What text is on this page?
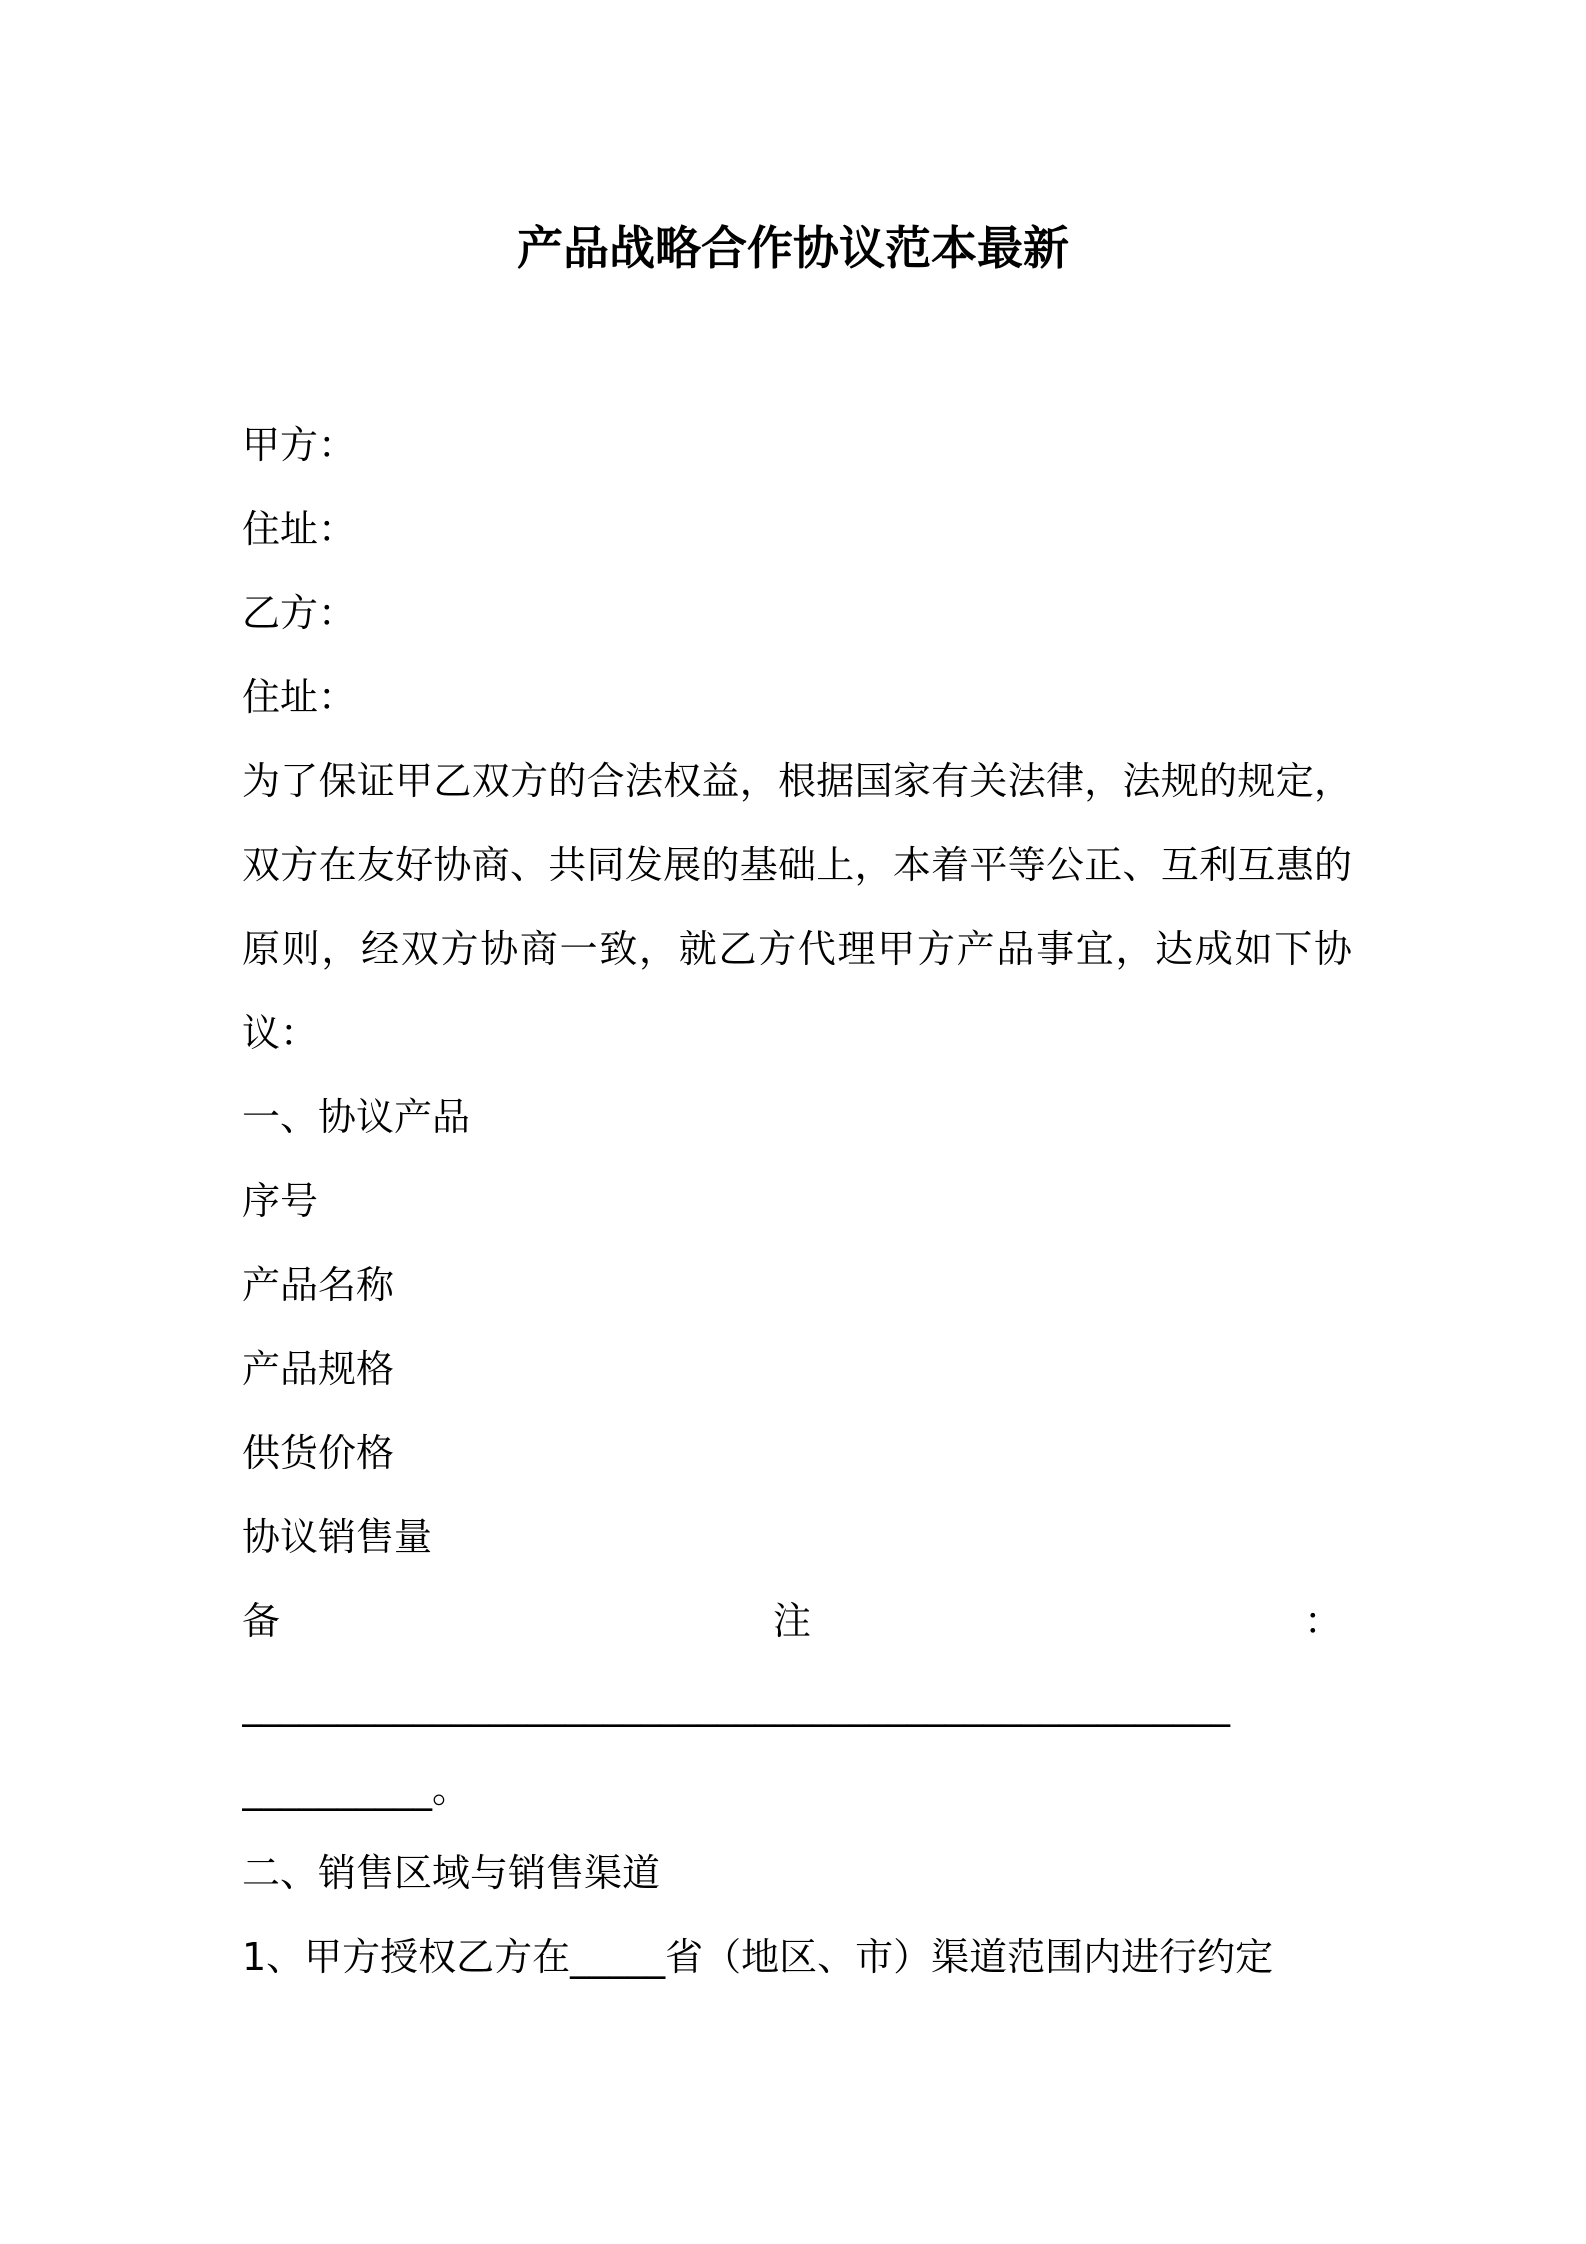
产品战略合作协议范本最新
甲方：
住址：
乙方：
住址：
为了保证甲乙双方的合法权益，根据国家有关法律，法规的规定，双方在友好协商、共同发展的基础上，本着平等公正、互利互惠的原则，经双方协商一致，就乙方代理甲方产品事宜，达成如下协议：
一、协议产品
序号
产品名称
产品规格
供货价格
协议销售量
备	注	：
____________________________________________________
__________。
二、销售区域与销售渠道
1、甲方授权乙方在_____省（地区、市）渠道范围内进行约定
